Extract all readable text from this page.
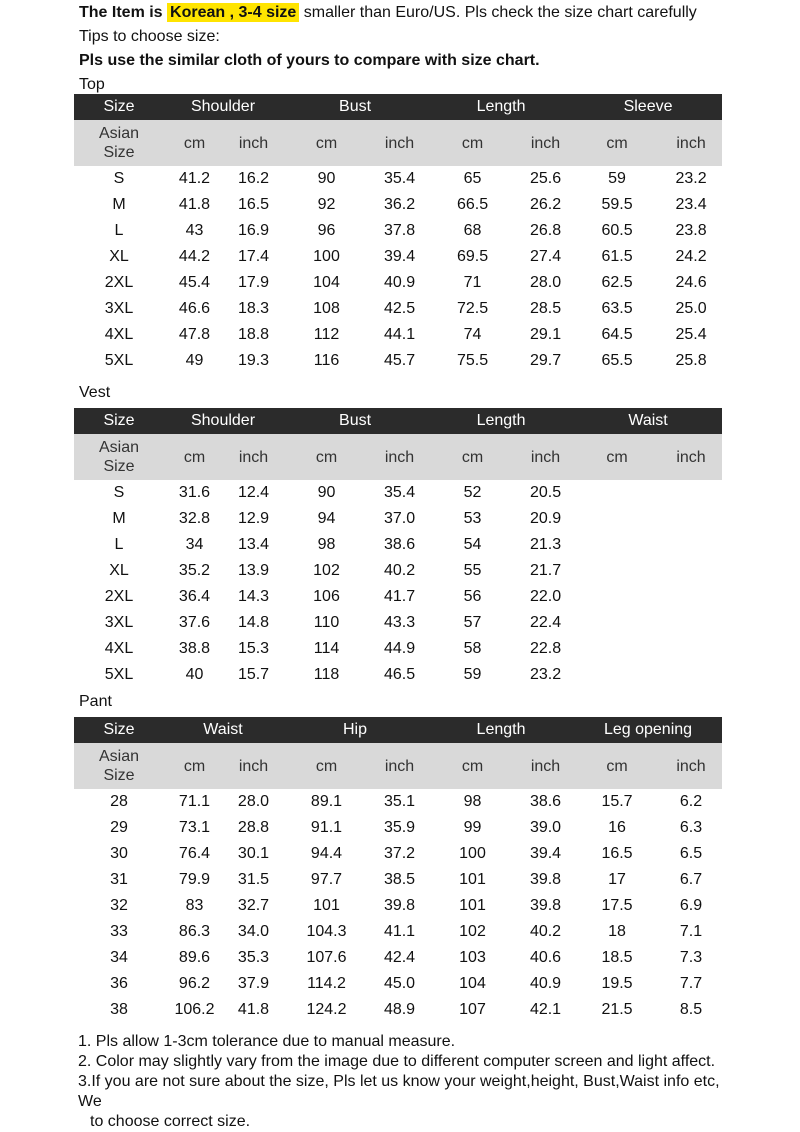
The Item is Korean , 3-4 size smaller than Euro/US. Pls check the size chart carefully
Tips to choose size:
Pls use the similar cloth of yours to compare with size chart.
Top
Size	Shoulder		Bust		Length		Sleeve	
Asian
Size	cm	inch	cm	inch	cm	inch	cm	inch
S	41.2	16.2	90	35.4	65	25.6	59	23.2
M	41.8	16.5	92	36.2	66.5	26.2	59.5	23.4
L	43	16.9	96	37.8	68	26.8	60.5	23.8
XL	44.2	17.4	100	39.4	69.5	27.4	61.5	24.2
2XL	45.4	17.9	104	40.9	71	28.0	62.5	24.6
3XL	46.6	18.3	108	42.5	72.5	28.5	63.5	25.0
4XL	47.8	18.8	112	44.1	74	29.1	64.5	25.4
5XL	49	19.3	116	45.7	75.5	29.7	65.5	25.8
Vest
Size	Shoulder		Bust		Length		Waist	
Asian
Size	cm	inch	cm	inch	cm	inch	cm	inch
S	31.6	12.4	90	35.4	52	20.5		
M	32.8	12.9	94	37.0	53	20.9		
L	34	13.4	98	38.6	54	21.3		
XL	35.2	13.9	102	40.2	55	21.7		
2XL	36.4	14.3	106	41.7	56	22.0		
3XL	37.6	14.8	110	43.3	57	22.4		
4XL	38.8	15.3	114	44.9	58	22.8		
5XL	40	15.7	118	46.5	59	23.2		
Pant
Size	Waist		Hip		Length		Leg opening	
Asian
Size	cm	inch	cm	inch	cm	inch	cm	inch
28	71.1	28.0	89.1	35.1	98	38.6	15.7	6.2
29	73.1	28.8	91.1	35.9	99	39.0	16	6.3
30	76.4	30.1	94.4	37.2	100	39.4	16.5	6.5
31	79.9	31.5	97.7	38.5	101	39.8	17	6.7
32	83	32.7	101	39.8	101	39.8	17.5	6.9
33	86.3	34.0	104.3	41.1	102	40.2	18	7.1
34	89.6	35.3	107.6	42.4	103	40.6	18.5	7.3
36	96.2	37.9	114.2	45.0	104	40.9	19.5	7.7
38	106.2	41.8	124.2	48.9	107	42.1	21.5	8.5

1. Pls allow 1-3cm tolerance due to manual measure.

2. Color may slightly vary from the image due to different computer screen and light affect.

3.If you are not sure about the size, Pls let us know your weight,height, Bust,Waist info etc, We
to choose correct size.
